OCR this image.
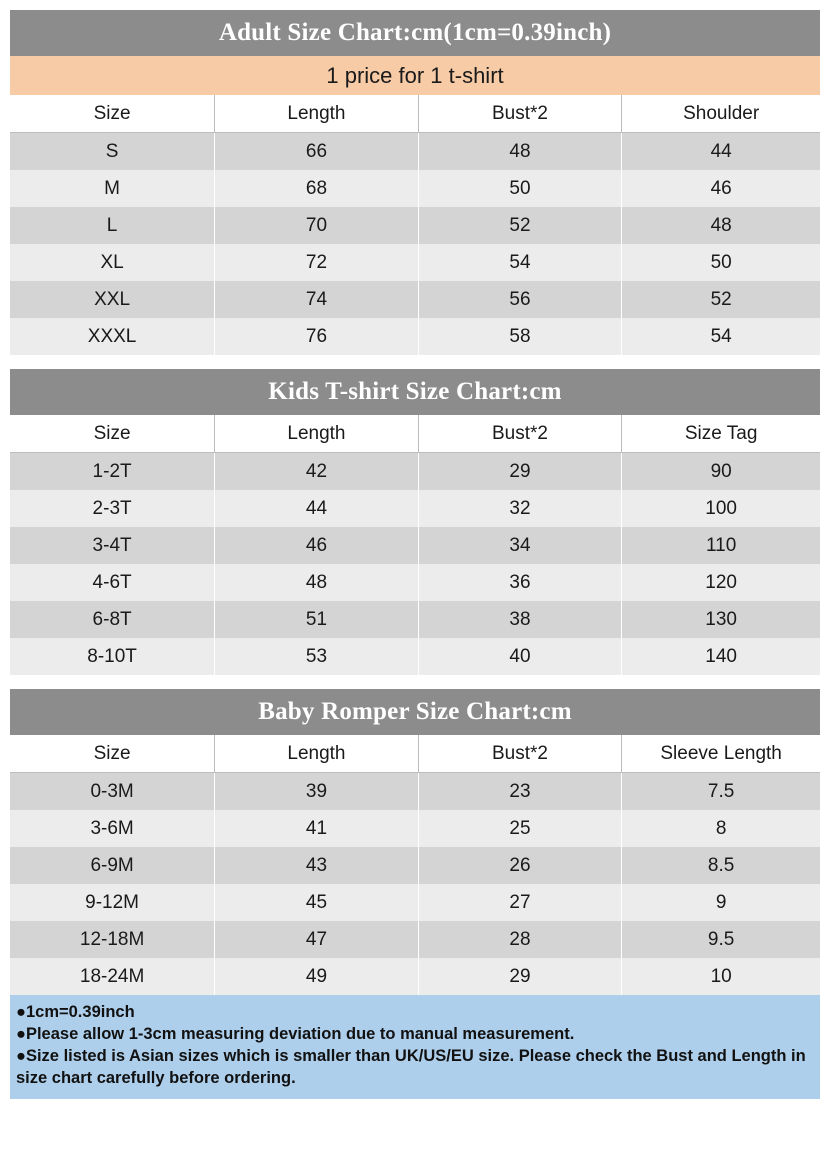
Adult Size Chart:cm(1cm=0.39inch)
1 price for 1 t-shirt
Size	Length	Bust*2	Shoulder
S	66	48	44
M	68	50	46
L	70	52	48
XL	72	54	50
XXL	74	56	52
XXXL	76	58	54
Kids T-shirt Size Chart:cm
Size	Length	Bust*2	Size Tag
1-2T	42	29	90
2-3T	44	32	100
3-4T	46	34	110
4-6T	48	36	120
6-8T	51	38	130
8-10T	53	40	140
Baby Romper Size Chart:cm
Size	Length	Bust*2	Sleeve Length
0-3M	39	23	7.5
3-6M	41	25	8
6-9M	43	26	8.5
9-12M	45	27	9
12-18M	47	28	9.5
18-24M	49	29	10

●1cm=0.39inch

●Please allow 1-3cm measuring deviation due to manual measurement.

●Size listed is Asian sizes which is smaller than UK/US/EU size. Please check the Bust and Length in size chart carefully before ordering.
